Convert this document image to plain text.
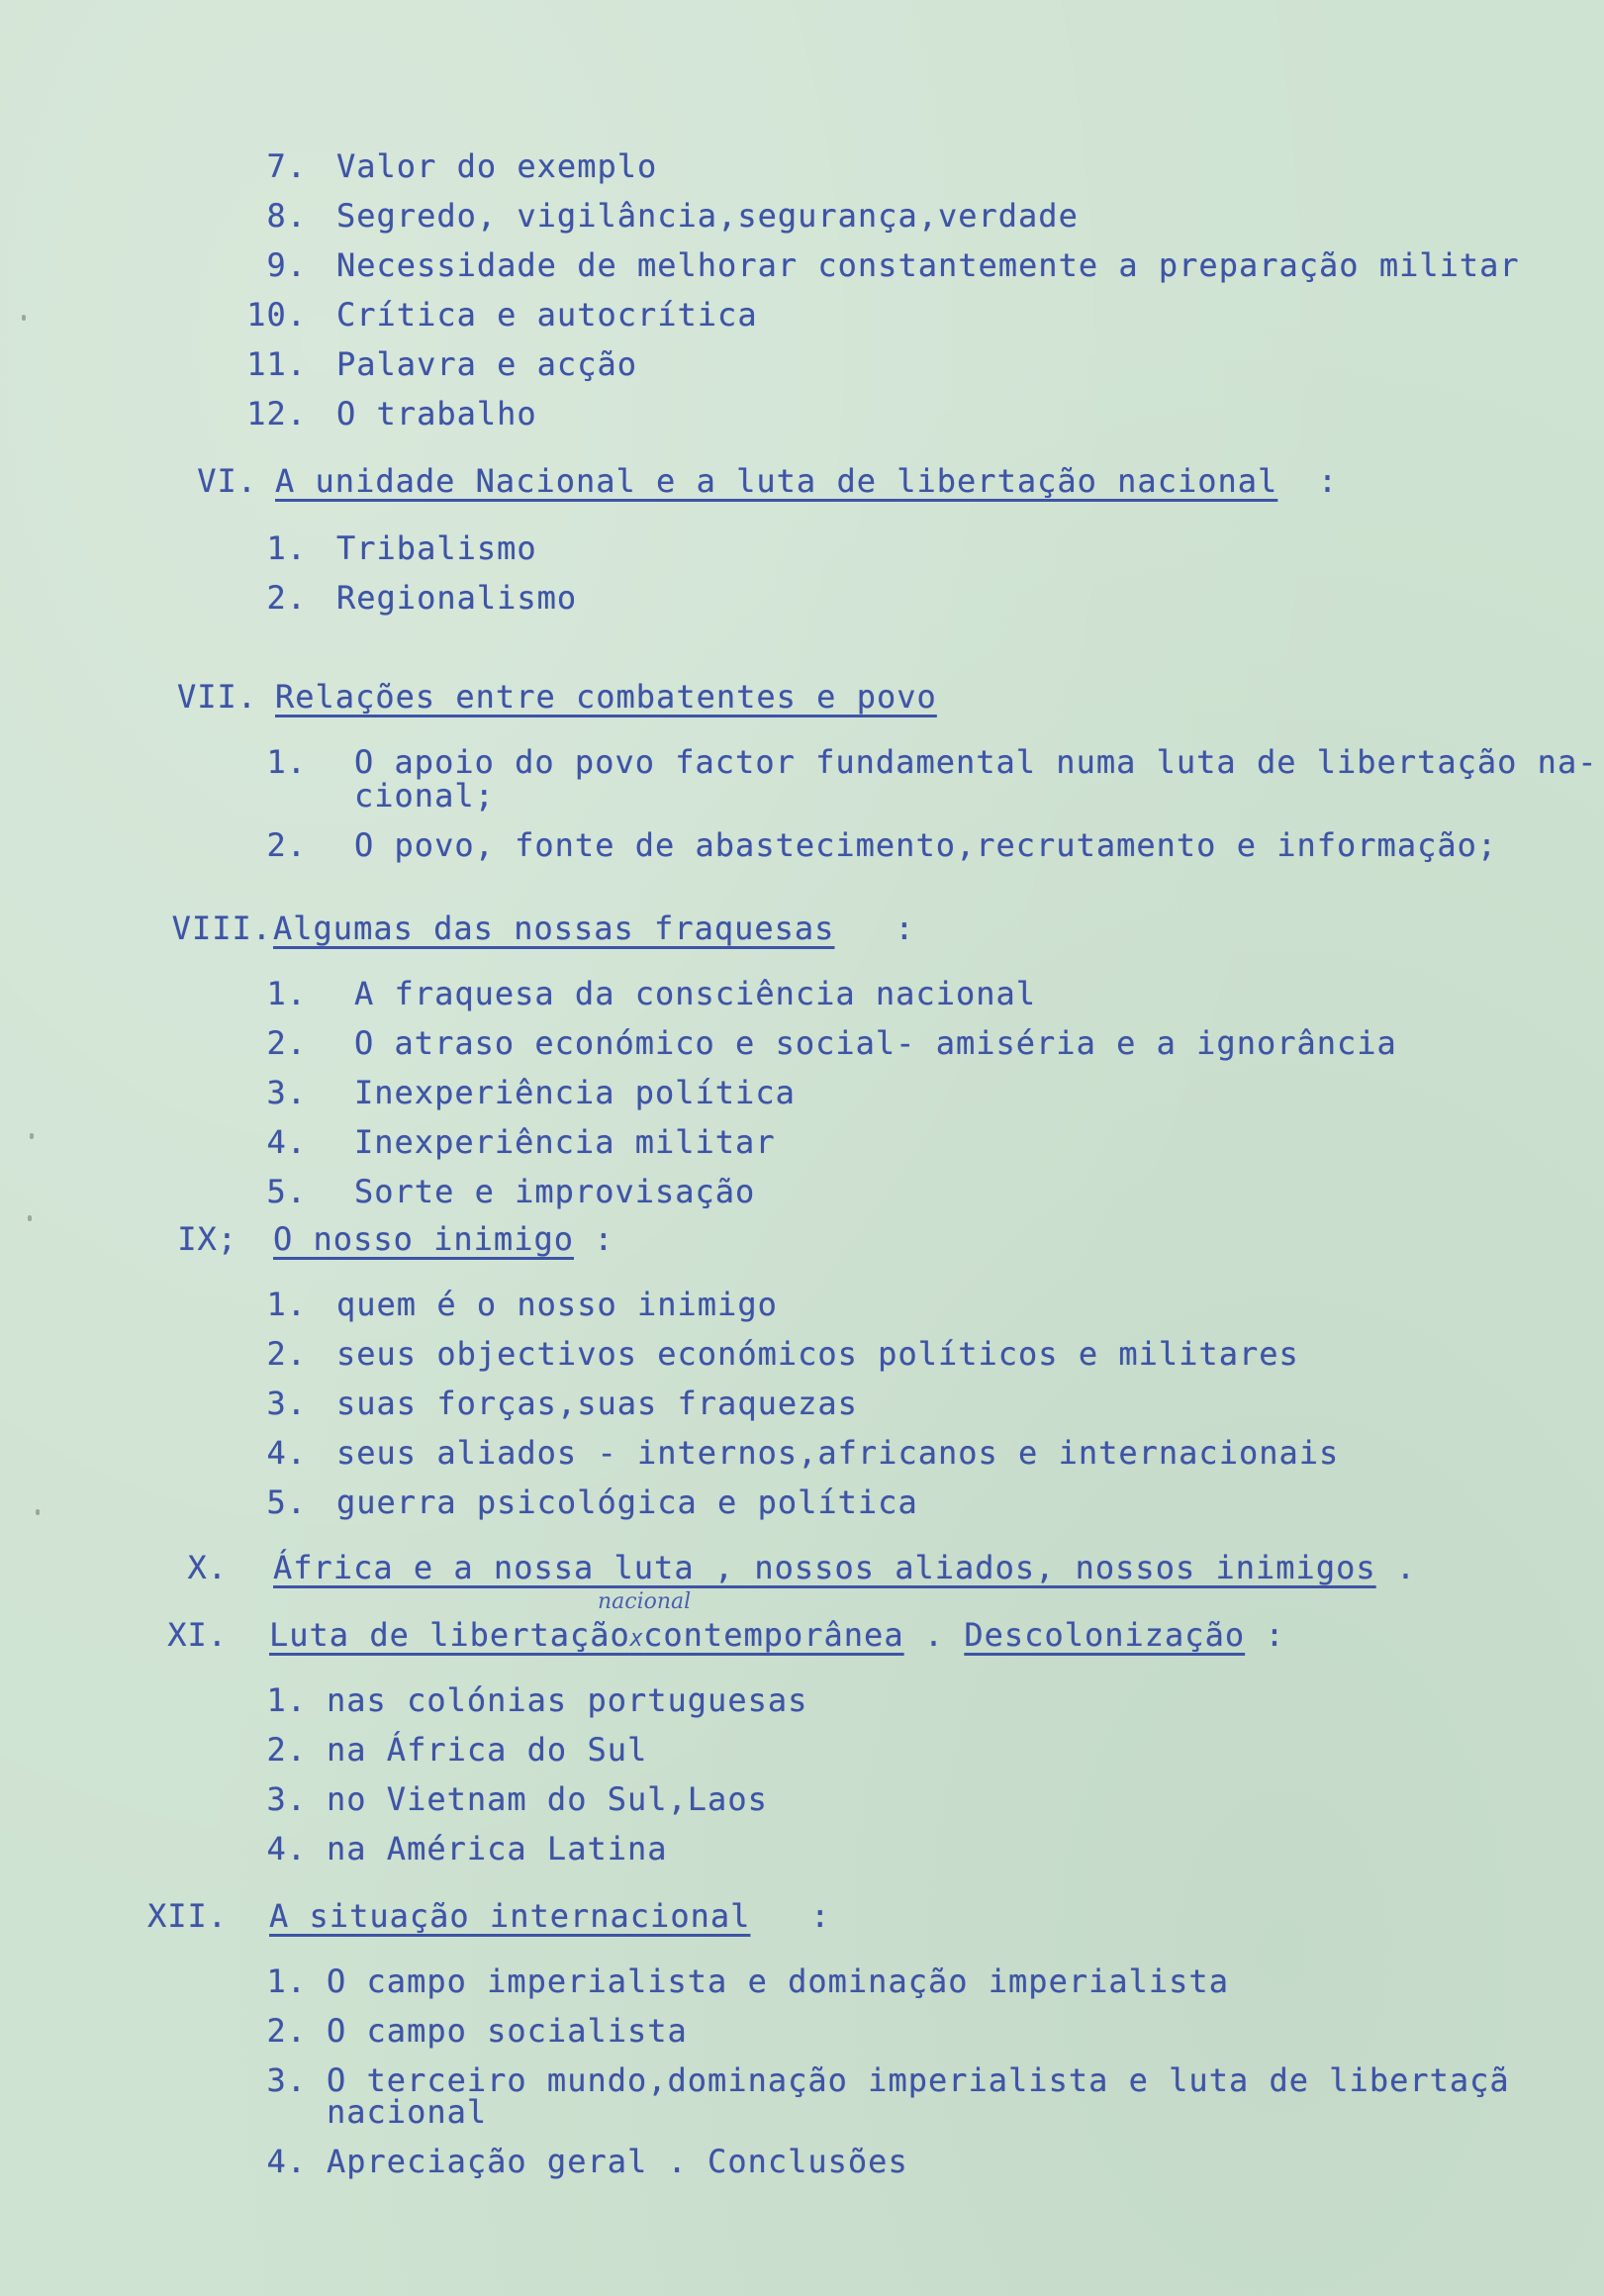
7. Valor do exemplo
8. Segredo, vigilância,segurança,verdade
9. Necessidade de melhorar constantemente a preparação militar
10. Crítica e autocrítica
11. Palavra e acção
12. O trabalho
VI. A unidade Nacional e a luta de libertação nacional :
1. Tribalismo
2. Regionalismo
VII. Relações entre combatentes e povo
1. O apoio do povo factor fundamental numa luta de libertação na-
cional;
2. O povo, fonte de abastecimento,recrutamento e informação;
VIII. Algumas das nossas fraquesas :
1. A fraquesa da consciência nacional
2. O atraso económico e social- amiséria e a ignorância
3. Inexperiência política
4. Inexperiência militar
5. Sorte e improvisação
IX; O nosso inimigo :
1. quem é o nosso inimigo
2. seus objectivos económicos políticos e militares
3. suas forças,suas fraquezas
4. seus aliados - internos,africanos e internacionais
5. guerra psicológica e política
X. África e a nossa luta , nossos aliados, nossos inimigos .
nacional
XI. Luta de libertação𝘟contemporânea . Descolonização :
1. nas colónias portuguesas
2. na África do Sul
3. no Vietnam do Sul,Laos
4. na América Latina
XII. A situação internacional :
1. O campo imperialista e dominação imperialista
2. O campo socialista
3. O terceiro mundo,dominação imperialista e luta de libertaçã
nacional
4. Apreciação geral . Conclusões
